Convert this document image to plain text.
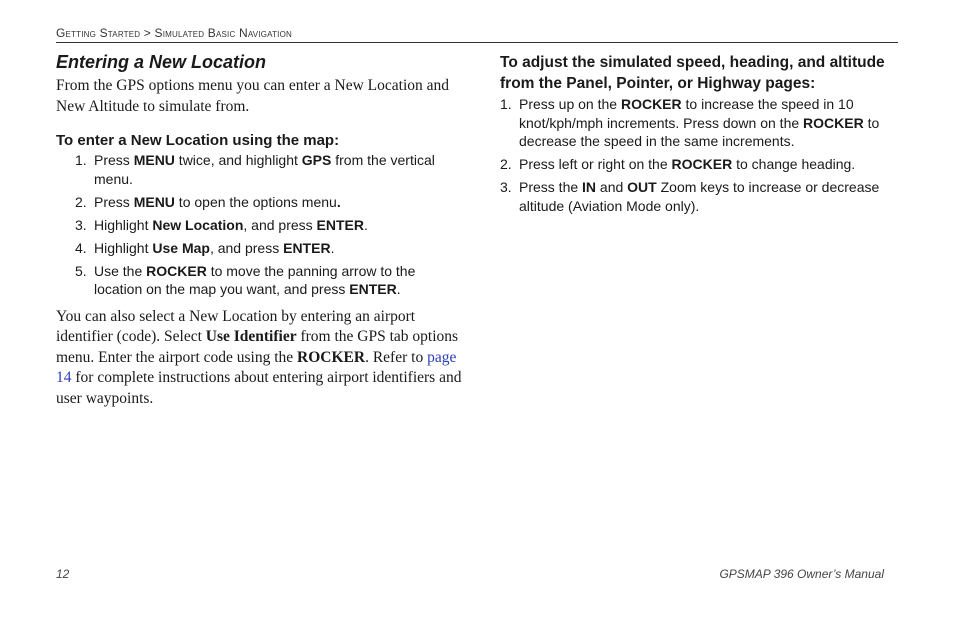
Getting Started > Simulated Basic Navigation
Entering a New Location

From the GPS options menu you can enter a New Location and New Altitude to simulate from.

To enter a New Location using the map:

1. Press MENU twice, and highlight GPS from the vertical menu.
2. Press MENU to open the options menu.
3. Highlight New Location, and press ENTER.
4. Highlight Use Map, and press ENTER.
5. Use the ROCKER to move the panning arrow to the location on the map you want, and press ENTER.

You can also select a New Location by entering an airport identifier (code). Select Use Identifier from the GPS tab options menu. Enter the airport code using the ROCKER. Refer to page 14 for complete instructions about entering airport identifiers and user waypoints.

To adjust the simulated speed, heading, and altitude from the Panel, Pointer, or Highway pages:

1. Press up on the ROCKER to increase the speed in 10 knot/kph/mph increments. Press down on the ROCKER to decrease the speed in the same increments.
2. Press left or right on the ROCKER to change heading.
3. Press the IN and OUT Zoom keys to increase or decrease altitude (Aviation Mode only).
12	GPSMAP 396 Owner’s Manual
